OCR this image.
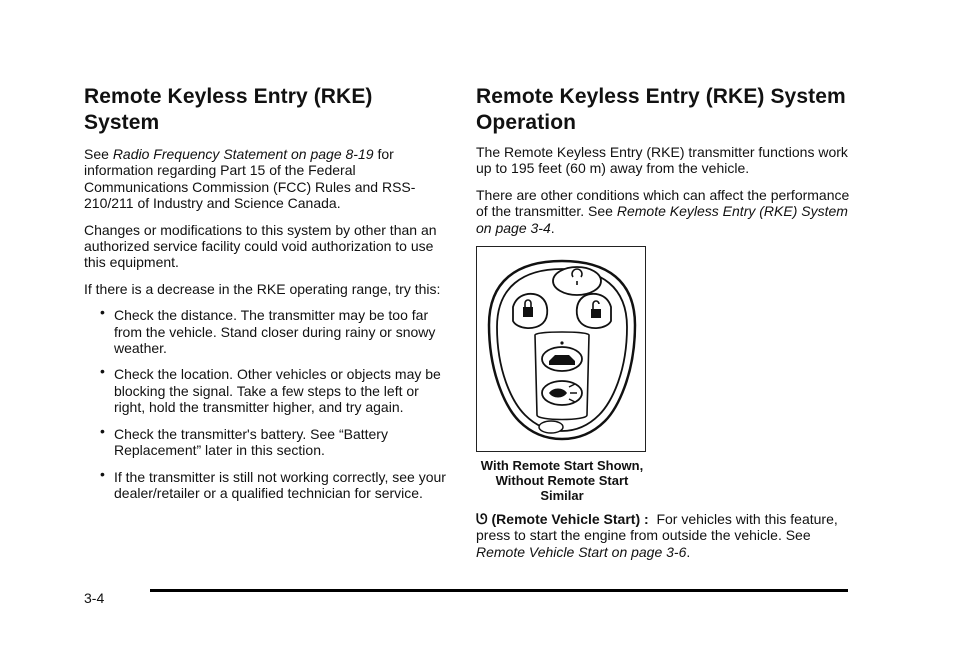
Remote Keyless Entry (RKE) System

See Radio Frequency Statement on page 8-19 for information regarding Part 15 of the Federal Communications Commission (FCC) Rules and RSS-210/211 of Industry and Science Canada.

Changes or modifications to this system by other than an authorized service facility could void authorization to use this equipment.

If there is a decrease in the RKE operating range, try this:

• Check the distance. The transmitter may be too far from the vehicle. Stand closer during rainy or snowy weather.
• Check the location. Other vehicles or objects may be blocking the signal. Take a few steps to the left or right, hold the transmitter higher, and try again.
• Check the transmitter's battery. See “Battery Replacement” later in this section.
• If the transmitter is still not working correctly, see your dealer/retailer or a qualified technician for service.
Remote Keyless Entry (RKE) System Operation

The Remote Keyless Entry (RKE) transmitter functions work up to 195 feet (60 m) away from the vehicle.

There are other conditions which can affect the performance of the transmitter. See Remote Keyless Entry (RKE) System on page 3-4.

With Remote Start Shown,
Without Remote Start
Similar

ᘎ (Remote Vehicle Start) : For vehicles with this feature, press to start the engine from outside the vehicle. See Remote Vehicle Start on page 3-6.

3-4
